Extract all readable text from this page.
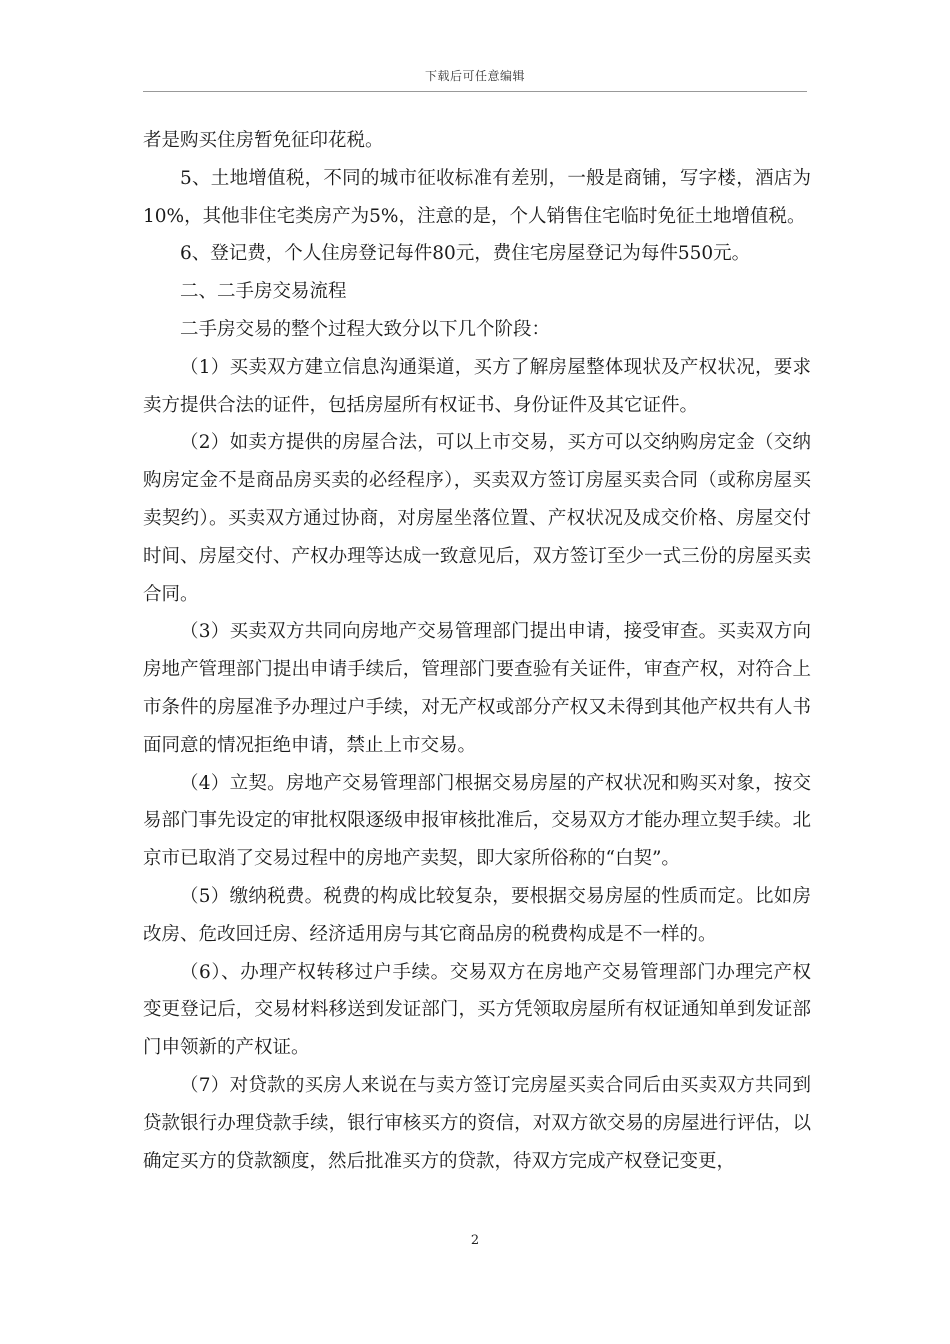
下载后可任意编辑

者是购买住房暂免征印花税。

5、土地增值税，不同的城市征收标准有差别，一般是商铺，写字楼，酒店为10%，其他非住宅类房产为5%，注意的是，个人销售住宅临时免征土地增值税。

6、登记费，个人住房登记每件80元，费住宅房屋登记为每件550元。

二、二手房交易流程

二手房交易的整个过程大致分以下几个阶段：

（1）买卖双方建立信息沟通渠道，买方了解房屋整体现状及产权状况，要求卖方提供合法的证件，包括房屋所有权证书、身份证件及其它证件。

（2）如卖方提供的房屋合法，可以上市交易，买方可以交纳购房定金（交纳购房定金不是商品房买卖的必经程序），买卖双方签订房屋买卖合同（或称房屋买卖契约）。买卖双方通过协商，对房屋坐落位置、产权状况及成交价格、房屋交付时间、房屋交付、产权办理等达成一致意见后，双方签订至少一式三份的房屋买卖合同。

（3）买卖双方共同向房地产交易管理部门提出申请，接受审查。买卖双方向房地产管理部门提出申请手续后，管理部门要查验有关证件，审查产权，对符合上市条件的房屋准予办理过户手续，对无产权或部分产权又未得到其他产权共有人书面同意的情况拒绝申请，禁止上市交易。

（4）立契。房地产交易管理部门根据交易房屋的产权状况和购买对象，按交易部门事先设定的审批权限逐级申报审核批准后，交易双方才能办理立契手续。北京市已取消了交易过程中的房地产卖契，即大家所俗称的“白契”。

（5）缴纳税费。税费的构成比较复杂，要根据交易房屋的性质而定。比如房改房、危改回迁房、经济适用房与其它商品房的税费构成是不一样的。

（6）、办理产权转移过户手续。交易双方在房地产交易管理部门办理完产权变更登记后，交易材料移送到发证部门，买方凭领取房屋所有权证通知单到发证部门申领新的产权证。

（7）对贷款的买房人来说在与卖方签订完房屋买卖合同后由买卖双方共同到贷款银行办理贷款手续，银行审核买方的资信，对双方欲交易的房屋进行评估，以确定买方的贷款额度，然后批准买方的贷款，待双方完成产权登记变更，

2
